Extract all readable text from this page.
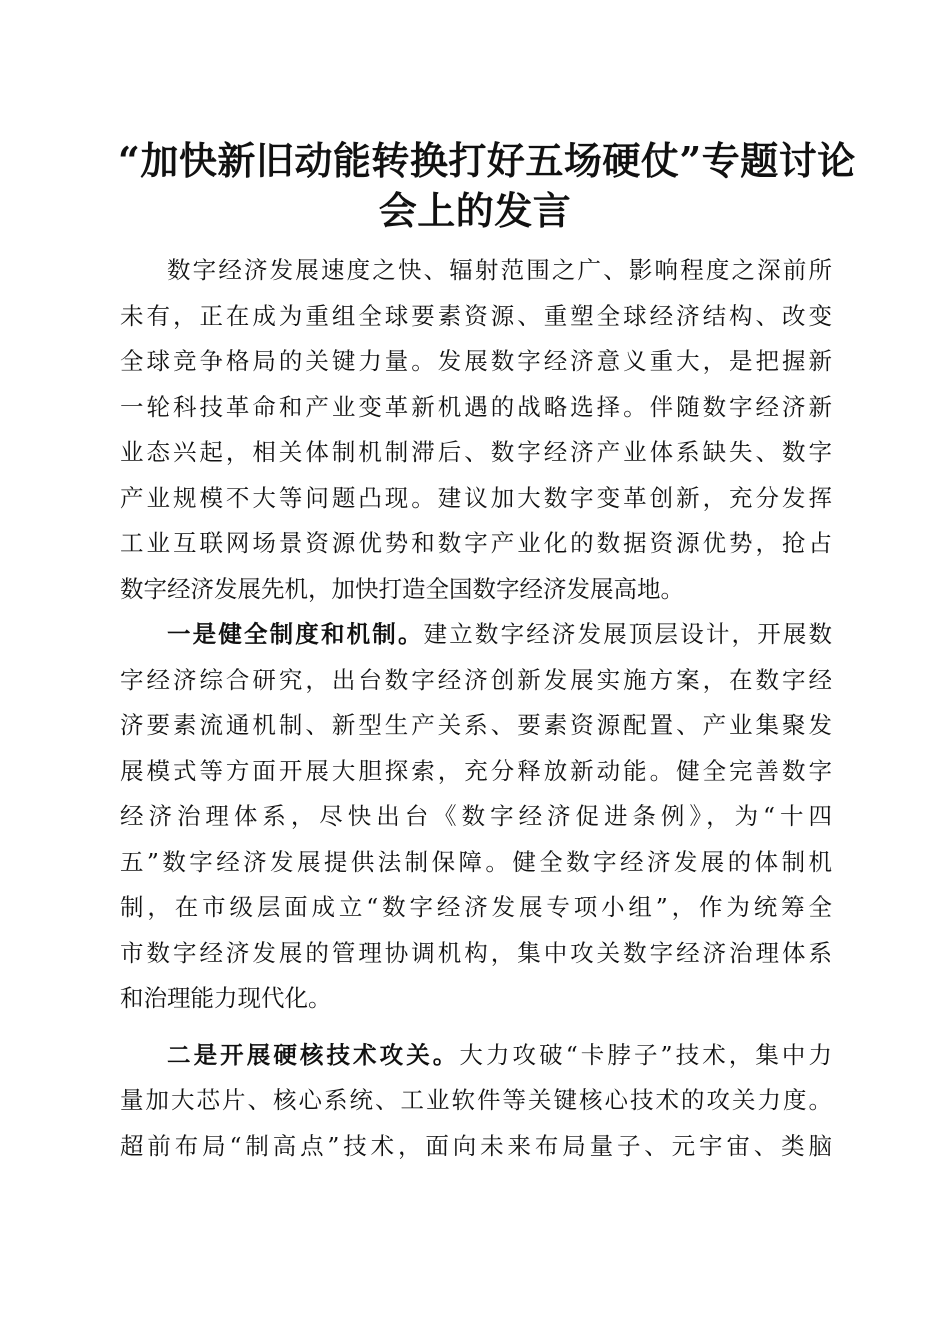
“加快新旧动能转换打好五场硬仗”专题讨论
会上的发言
数字经济发展速度之快、辐射范围之广、影响程度之深前所
未有，正在成为重组全球要素资源、重塑全球经济结构、改变
全球竞争格局的关键力量。发展数字经济意义重大，是把握新
一轮科技革命和产业变革新机遇的战略选择。伴随数字经济新
业态兴起，相关体制机制滞后、数字经济产业体系缺失、数字
产业规模不大等问题凸现。建议加大数字变革创新，充分发挥
工业互联网场景资源优势和数字产业化的数据资源优势，抢占
数字经济发展先机，加快打造全国数字经济发展高地。
一是健全制度和机制。建立数字经济发展顶层设计，开展数
字经济综合研究，出台数字经济创新发展实施方案，在数字经
济要素流通机制、新型生产关系、要素资源配置、产业集聚发
展模式等方面开展大胆探索，充分释放新动能。健全完善数字
经济治理体系，尽快出台《数字经济促进条例》，为“十四
五”数字经济发展提供法制保障。健全数字经济发展的体制机
制，在市级层面成立“数字经济发展专项小组”，作为统筹全
市数字经济发展的管理协调机构，集中攻关数字经济治理体系
和治理能力现代化。
二是开展硬核技术攻关。大力攻破“卡脖子”技术，集中力
量加大芯片、核心系统、工业软件等关键核心技术的攻关力度。
超前布局“制高点”技术，面向未来布局量子、元宇宙、类脑
